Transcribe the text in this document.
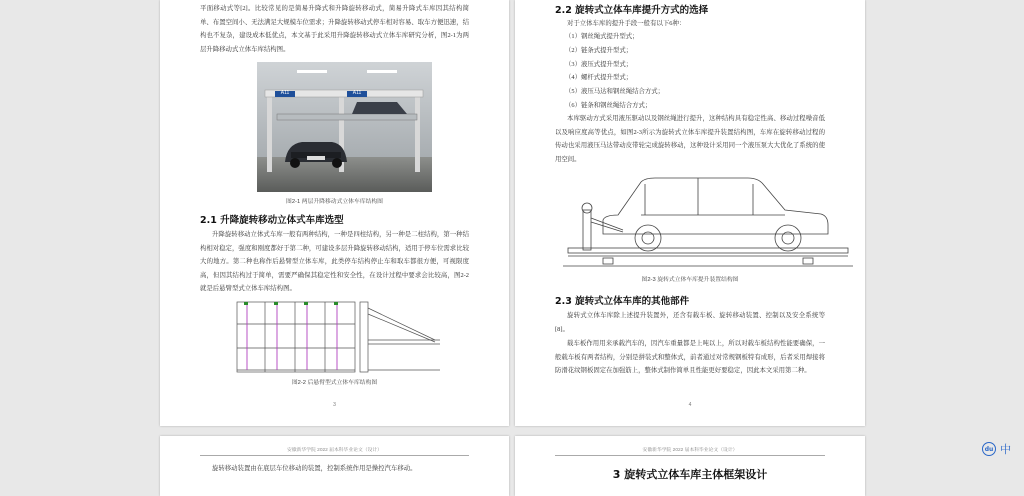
平面移动式等[2]。比较常见的是简易升降式和升降旋转移动式，简易升降式车库因其结构简单、布置空间小、无法满足大规模车位需求；升降旋转移动式停车相对容易、取车方便迅速，结构也不复杂，建设成本低优点，本文基于此采用升降旋转移动式立体车库研究分析，图2-1为两层升降移动式立体车库结构图。
A11	A11
图2-1 两层升降移动式立体车库结构图
2.1 升降旋转移动立体式车库选型
升降旋转移动立体式车库一般有两种结构，一种是四柱结构，另一种是二柱结构，第一种结构相对稳定，强度和刚度都好于第二种，可建设多层升降旋转移动结构，适用于停车位需求比较大的地方。第二种也称作后悬臂型立体车库，此类停车结构停止车和取车都很方便，可视限度高，但因其结构过于简单，需要严确保其稳定性和安全性，在设计过程中要求会比较高，图2-2就是后悬臂型式立体车库结构图。
图2-2 后悬臂型式立体车库结构图
3
2.2 旋转式立体车库提升方式的选择
对于立体车库的提升手段一般有以下6种：
（1）钢丝绳式提升型式；
（2）链条式提升型式；
（3）液压式提升型式；
（4）螺杆式提升型式；
（5）液压马达和钢丝绳结合方式；
（6）链条和钢丝绳结合方式；
本库驱动方式采用液压驱动以及钢丝绳进行提升，这种结构具有稳定性高、移动过程噪音低以及响应度高等优点，如图2-3所示为旋转式立体车库提升装置结构图，车库在旋转移动过程的传动也采用液压马达带动皮带轮完成旋转移动，这种设计采用同一个液压泵大大优化了系统的使用空间。
图2-3 旋转式立体车库提升装置结构图
2.3 旋转式立体车库的其他部件
旋转式立体车库除上述提升装置外，还含有载车板、旋转移动装置、控制以及安全系统等[8]。
载车板作用用来承载汽车的，因汽车重量都是上吨以上，所以对载车板结构性能要确保，一般载车板有两者结构，分别是拼装式和整体式，前者通过对常规钢板特有成形，后者采用焊接将防滑花纹钢板固定在加强筋上，整体式制作简单且性能更好要稳定，因此本文采用第二种。
4
安徽新华学院 2022 届本科毕业论文（设计）
旋转移动装置由在底层车位移动的装置，控制系统作用是操控汽车移动。
安徽新华学院 2022 届本科毕业论文（设计）
3 旋转式立体车库主体框架设计
du 中
